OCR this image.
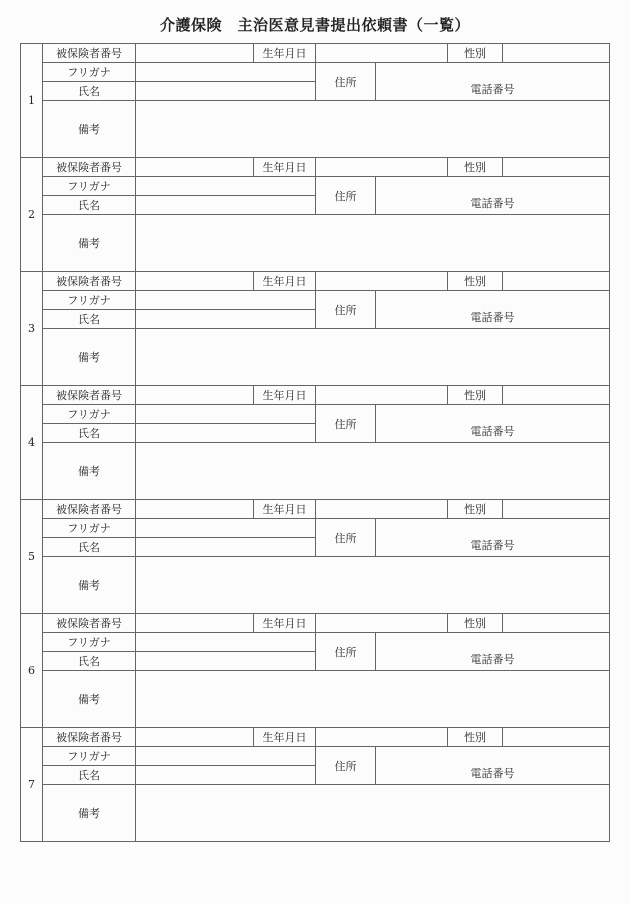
介護保険　主治医意見書提出依頼書（一覧）
1	被保険者番号		生年月日			性別	
	フリガナ			住所	電話番号		
	氏名						
	備考						
2	被保険者番号		生年月日			性別	
	フリガナ			住所	電話番号		
	氏名						
	備考						
3	被保険者番号		生年月日			性別	
	フリガナ			住所	電話番号		
	氏名						
	備考						
4	被保険者番号		生年月日			性別	
	フリガナ			住所	電話番号		
	氏名						
	備考						
5	被保険者番号		生年月日			性別	
	フリガナ			住所	電話番号		
	氏名						
	備考						
6	被保険者番号		生年月日			性別	
	フリガナ			住所	電話番号		
	氏名						
	備考						
7	被保険者番号		生年月日			性別	
	フリガナ			住所	電話番号		
	氏名						
	備考						
